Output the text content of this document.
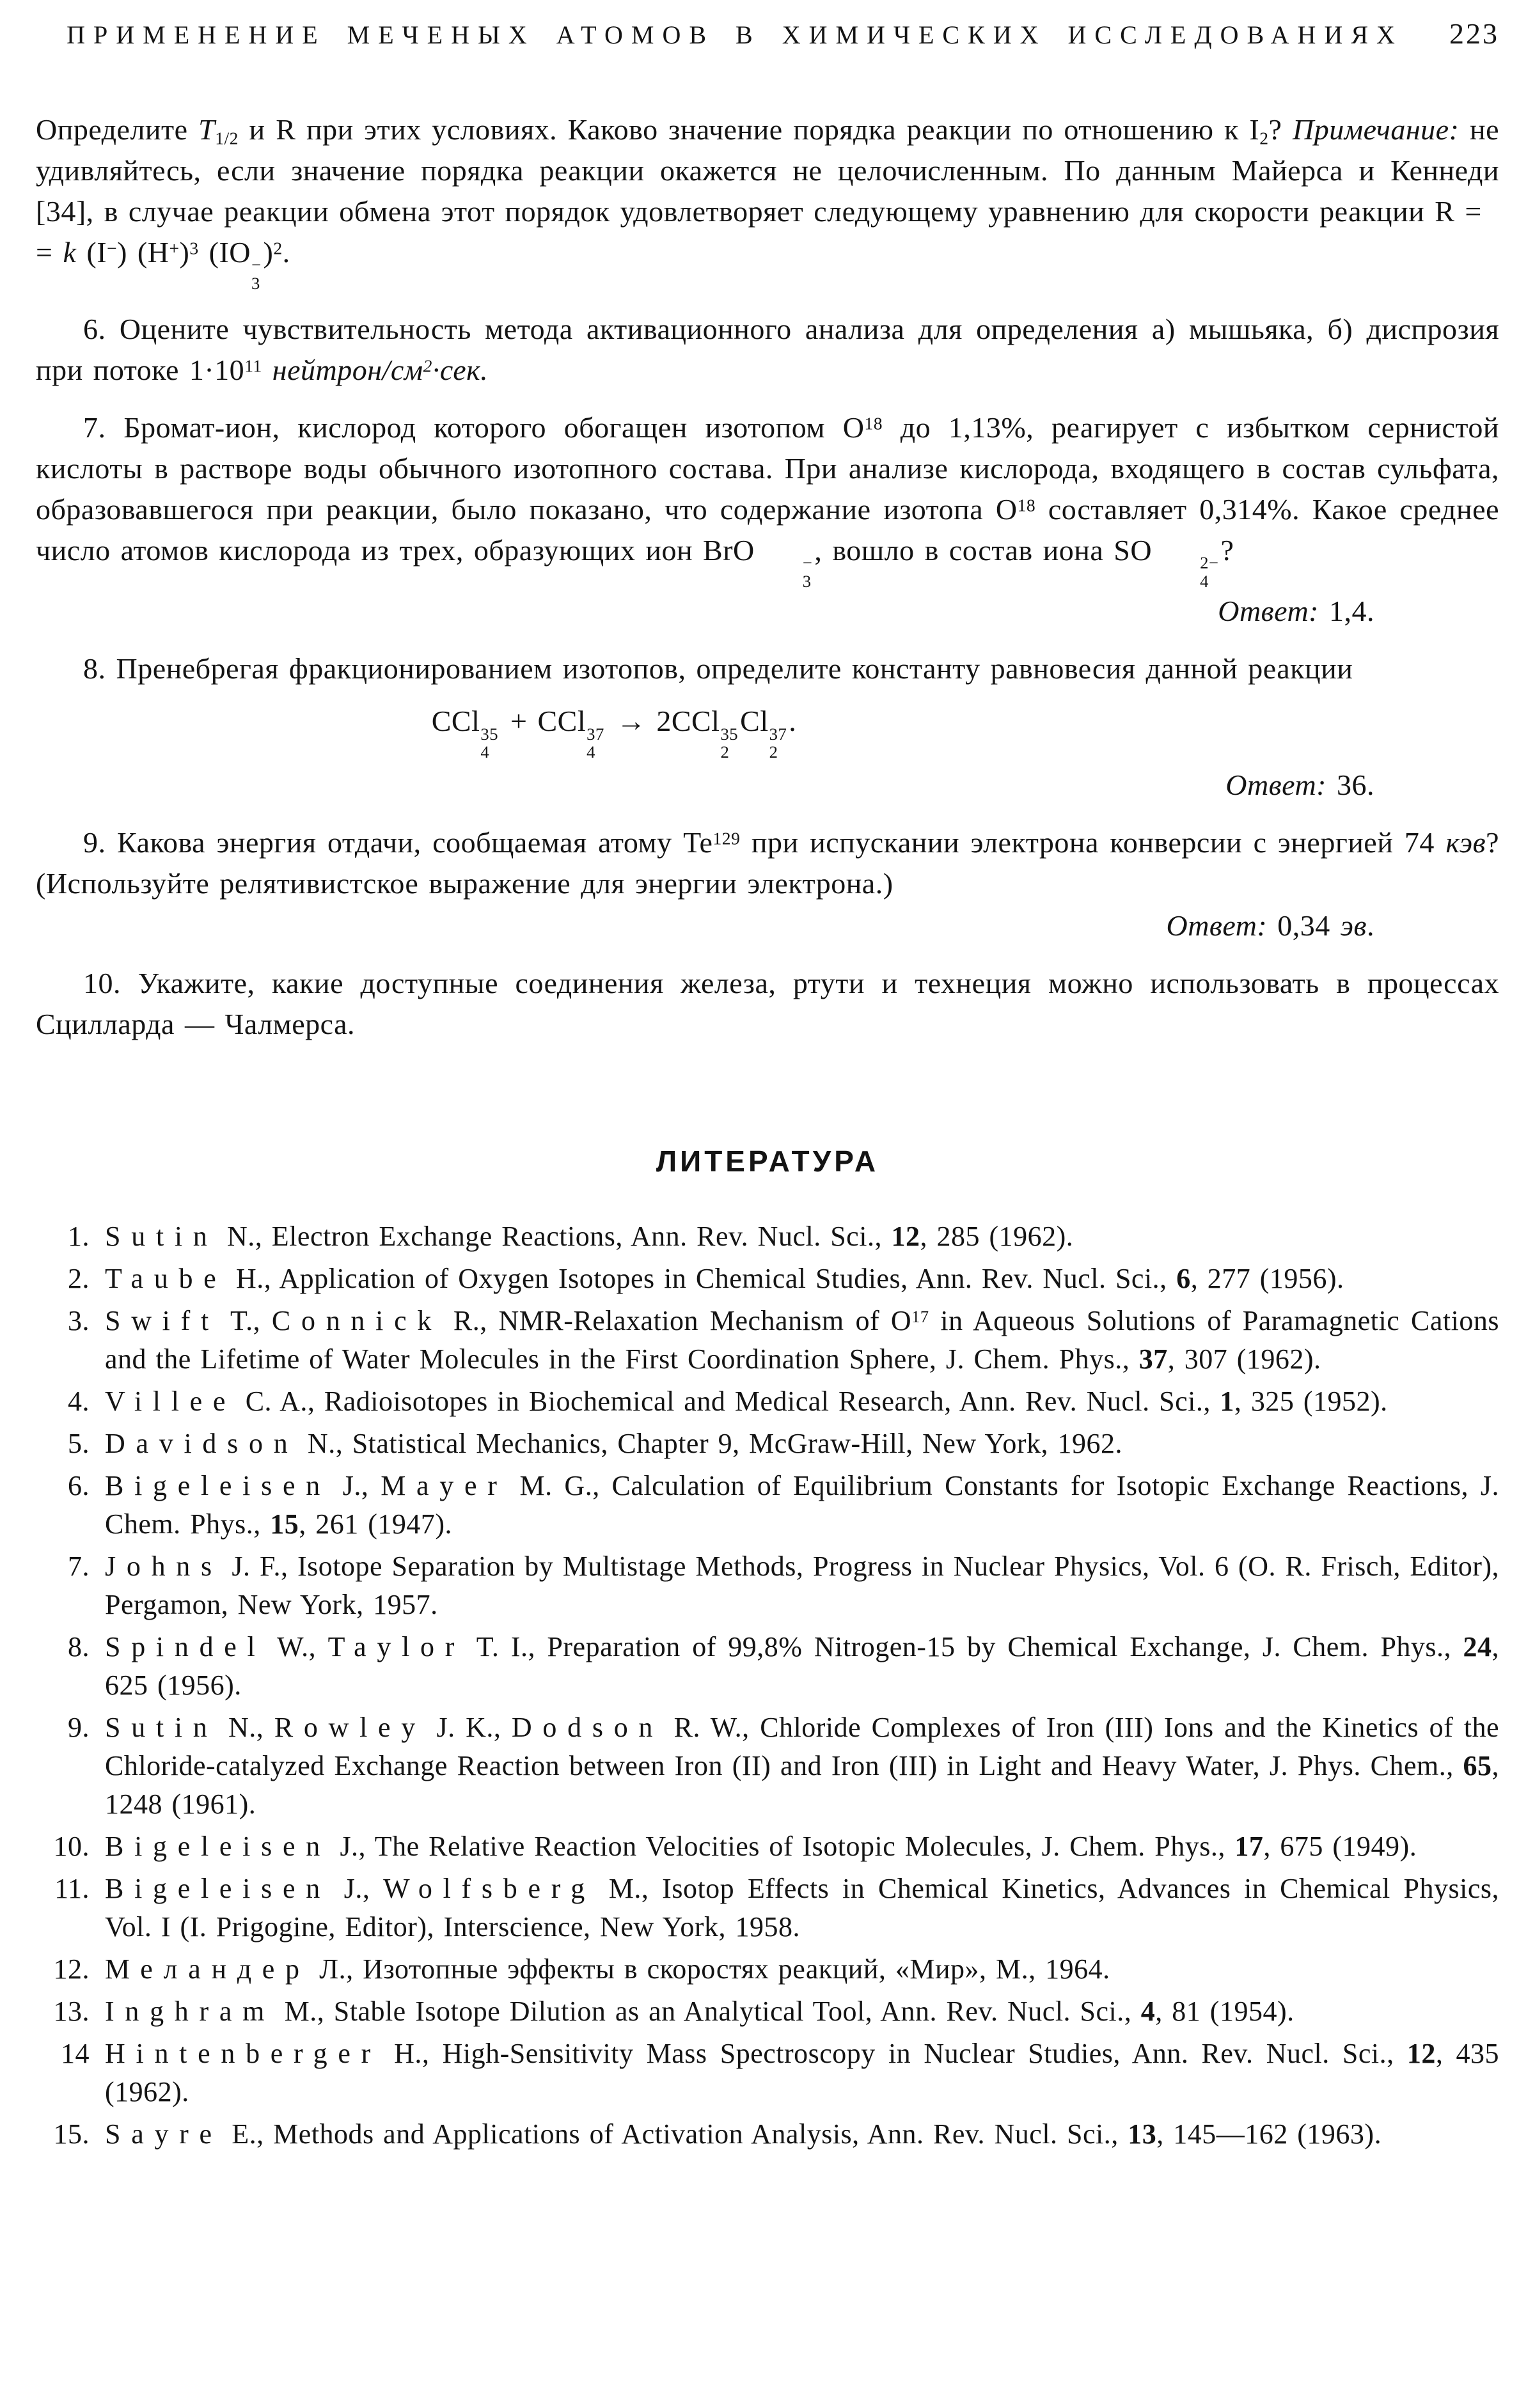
ПРИМЕНЕНИЕ МЕЧЕНЫХ АТОМОВ В ХИМИЧЕСКИХ ИССЛЕДОВАНИЯХ	223

Определите $T_{1/2}$ и R при этих условиях. Каково значение порядка реакции по отношению к $I_2$? Примечание: не удивляйтесь, если значение порядка реакции окажется не целочисленным. По данным Майерса и Кеннеди [34], в случае реакции обмена этот порядок удовлетворяет следующему уравнению для скорости реакции R =

= k (I−) $(H^+)^3$ (IO −
3
)$^2$.

6. Оцените чувствительность метода активационного анализа для определения а) мышьяка, б) диспрозия при потоке $1\cdot 10^{11}$ нейтрон/$см^2\cdot сек$.

7. Бромат-ион, кислород которого обогащен изотопом $O^{18}$ до 1,13%, реагирует с избытком сернистой кислоты в растворе воды обычного изотопного состава. При анализе кислорода, входящего в состав сульфата, образовавшегося при реакции, было показано, что содержание изотопа $O^{18}$ составляет 0,314%. Какое среднее число атомов кислорода из трех, образующих ион BrO	−
3
, вошло в состав иона SO	2−
4
?

Ответ: 1,4.

8. Пренебрегая фракционированием изотопов, определите константу равновесия данной реакции

CCl 35
4
+ CCl 37
4
→ 2CCl 35
2
Cl 37
2
.

Ответ: 36.

9. Какова энергия отдачи, сообщаемая атому Te$^{129}$ при испускании электрона конверсии с энергией 74 кэв? (Используйте релятивистское выражение для энергии электрона.)

Ответ: 0,34 эв.

10. Укажите, какие доступные соединения железа, ртути и технеция можно использовать в процессах Сцилларда — Чалмерса.

ЛИТЕРАТУРА
1. Sutin N., Electron Exchange Reactions, Ann. Rev. Nucl. Sci., 12, 285 (1962).
2. Taube H., Application of Oxygen Isotopes in Chemical Studies, Ann. Rev. Nucl. Sci., 6, 277 (1956).
3. Swift T., Connick R., NMR-Relaxation Mechanism of $O^{17}$ in Aqueous Solutions of Paramagnetic Cations and the Lifetime of Water Molecules in the First Coordination Sphere, J. Chem. Phys., 37, 307 (1962).
4. Villee C. A., Radioisotopes in Biochemical and Medical Research, Ann. Rev. Nucl. Sci., 1, 325 (1952).
5. Davidson N., Statistical Mechanics, Chapter 9, McGraw-Hill, New York, 1962.
6. Bigeleisen J., Mayer M. G., Calculation of Equilibrium Constants for Isotopic Exchange Reactions, J. Chem. Phys., 15, 261 (1947).
7. Johns J. F., Isotope Separation by Multistage Methods, Progress in Nuclear Physics, Vol. 6 (O. R. Frisch, Editor), Pergamon, New York, 1957.
8. Spindel W., Taylor T. I., Preparation of 99,8% Nitrogen-15 by Chemical Exchange, J. Chem. Phys., 24, 625 (1956).
9. Sutin N., Rowley J. K., Dodson R. W., Chloride Complexes of Iron (III) Ions and the Kinetics of the Chloride-catalyzed Exchange Reaction between Iron (II) and Iron (III) in Light and Heavy Water, J. Phys. Chem., 65, 1248 (1961).
10. Bigeleisen J., The Relative Reaction Velocities of Isotopic Molecules, J. Chem. Phys., 17, 675 (1949).
11. Bigeleisen J., Wolfsberg M., Isotop Effects in Chemical Kinetics, Advances in Chemical Physics, Vol. I (I. Prigogine, Editor), Interscience, New York, 1958.
12. Меландер Л., Изотопные эффекты в скоростях реакций, «Мир», М., 1964.
13. Inghram M., Stable Isotope Dilution as an Analytical Tool, Ann. Rev. Nucl. Sci., 4, 81 (1954).
14 Hintenberger H., High-Sensitivity Mass Spectroscopy in Nuclear Studies, Ann. Rev. Nucl. Sci., 12, 435 (1962).
15. Sayre E., Methods and Applications of Activation Analysis, Ann. Rev. Nucl. Sci., 13, 145—162 (1963).
